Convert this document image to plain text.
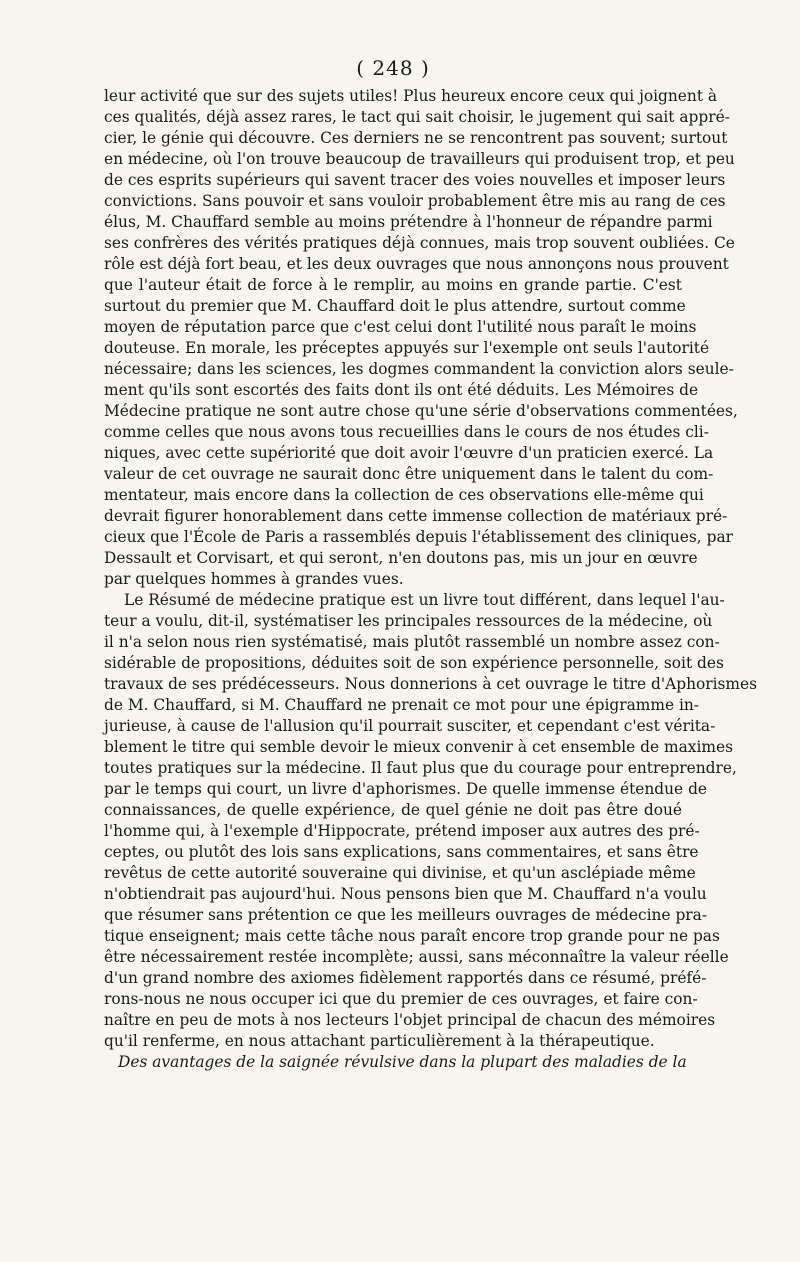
( 248 )
leur activité que sur des sujets utiles! Plus heureux encore ceux qui joignent à
ces qualités, déjà assez rares, le tact qui sait choisir, le jugement qui sait appré-
cier, le génie qui découvre. Ces derniers ne se rencontrent pas souvent; surtout
en médecine, où l'on trouve beaucoup de travailleurs qui produisent trop, et peu
de ces esprits supérieurs qui savent tracer des voies nouvelles et imposer leurs
convictions. Sans pouvoir et sans vouloir probablement être mis au rang de ces
élus, M. Chauffard semble au moins prétendre à l'honneur de répandre parmi
ses confrères des vérités pratiques déjà connues, mais trop souvent oubliées. Ce
rôle est déjà fort beau, et les deux ouvrages que nous annonçons nous prouvent
que l'auteur était de force à le remplir, au moins en grande partie. C'est
surtout du premier que M. Chauffard doit le plus attendre, surtout comme
moyen de réputation parce que c'est celui dont l'utilité nous paraît le moins
douteuse. En morale, les préceptes appuyés sur l'exemple ont seuls l'autorité
nécessaire; dans les sciences, les dogmes commandent la conviction alors seule-
ment qu'ils sont escortés des faits dont ils ont été déduits. Les Mémoires de
Médecine pratique ne sont autre chose qu'une série d'observations commentées,
comme celles que nous avons tous recueillies dans le cours de nos études cli-
niques, avec cette supériorité que doit avoir l'œuvre d'un praticien exercé. La
valeur de cet ouvrage ne saurait donc être uniquement dans le talent du com-
mentateur, mais encore dans la collection de ces observations elle-même qui
devrait figurer honorablement dans cette immense collection de matériaux pré-
cieux que l'École de Paris a rassemblés depuis l'établissement des cliniques, par
Dessault et Corvisart, et qui seront, n'en doutons pas, mis un jour en œuvre
par quelques hommes à grandes vues.
Le Résumé de médecine pratique est un livre tout différent, dans lequel l'au-
teur a voulu, dit-il, systématiser les principales ressources de la médecine, où
il n'a selon nous rien systématisé, mais plutôt rassemblé un nombre assez con-
sidérable de propositions, déduites soit de son expérience personnelle, soit des
travaux de ses prédécesseurs. Nous donnerions à cet ouvrage le titre d'Aphorismes
de M. Chauffard, si M. Chauffard ne prenait ce mot pour une épigramme in-
jurieuse, à cause de l'allusion qu'il pourrait susciter, et cependant c'est vérita-
blement le titre qui semble devoir le mieux convenir à cet ensemble de maximes
toutes pratiques sur la médecine. Il faut plus que du courage pour entreprendre,
par le temps qui court, un livre d'aphorismes. De quelle immense étendue de
connaissances, de quelle expérience, de quel génie ne doit pas être doué
l'homme qui, à l'exemple d'Hippocrate, prétend imposer aux autres des pré-
ceptes, ou plutôt des lois sans explications, sans commentaires, et sans être
revêtus de cette autorité souveraine qui divinise, et qu'un asclépiade même
n'obtiendrait pas aujourd'hui. Nous pensons bien que M. Chauffard n'a voulu
que résumer sans prétention ce que les meilleurs ouvrages de médecine pra-
tique enseignent; mais cette tâche nous paraît encore trop grande pour ne pas
être nécessairement restée incomplète; aussi, sans méconnaître la valeur réelle
d'un grand nombre des axiomes fidèlement rapportés dans ce résumé, préfé-
rons-nous ne nous occuper ici que du premier de ces ouvrages, et faire con-
naître en peu de mots à nos lecteurs l'objet principal de chacun des mémoires
qu'il renferme, en nous attachant particulièrement à la thérapeutique.
Des avantages de la saignée révulsive dans la plupart des maladies de la
